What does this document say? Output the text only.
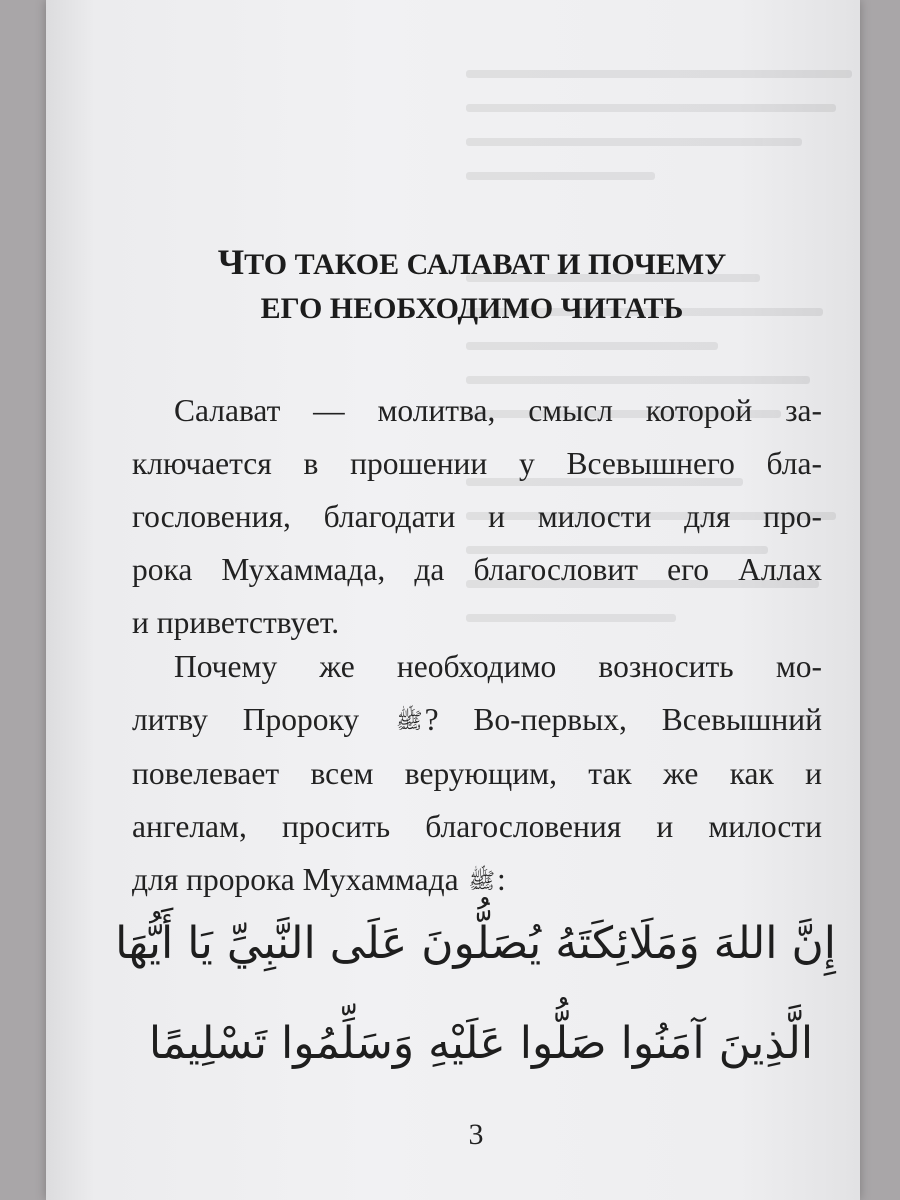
ЧТО ТАКОЕ САЛАВАТ И ПОЧЕМУ
ЕГО НЕОБХОДИМО ЧИТАТЬ
Салават — молитва, смысл которой за-
ключается в прошении у Всевышнего бла-
гословения, благодати и милости для про-
рока Мухаммада, да благословит его Аллах
и приветствует.
Почему же необходимо возносить мо-
литву Пророку ﷺ? Во-первых, Всевышний
повелевает всем верующим, так же как и
ангелам, просить благословения и милости
для пророка Мухаммада ﷺ:
إِنَّ اللهَ وَمَلَائِكَتَهُ يُصَلُّونَ عَلَى النَّبِيِّ يَا أَيُّهَا
الَّذِينَ آمَنُوا صَلُّوا عَلَيْهِ وَسَلِّمُوا تَسْلِيمًا
3
